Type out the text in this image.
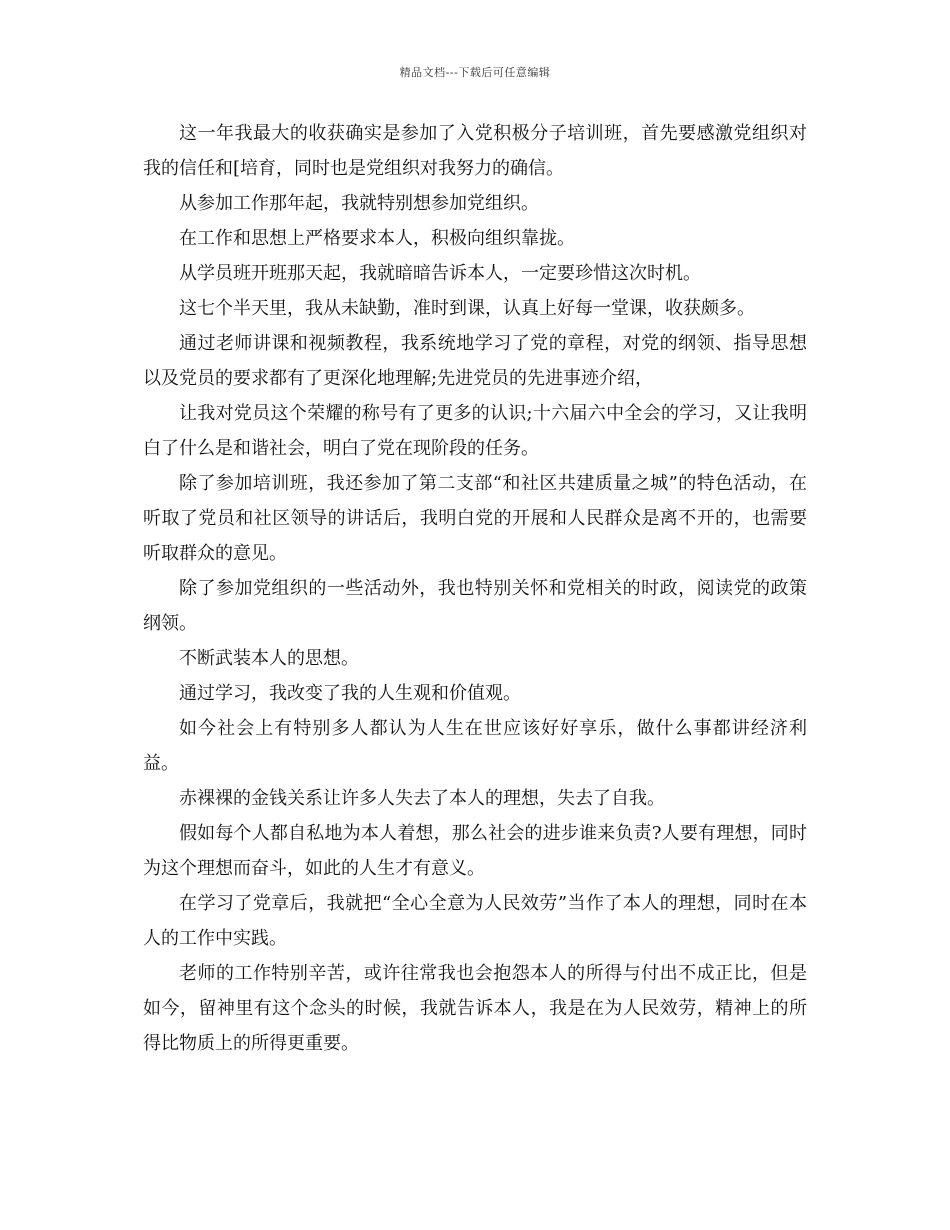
精品文档---下载后可任意编辑

这一年我最大的收获确实是参加了入党积极分子培训班，首先要感激党组织对我的信任和[培育，同时也是党组织对我努力的确信。

从参加工作那年起，我就特别想参加党组织。

在工作和思想上严格要求本人，积极向组织靠拢。

从学员班开班那天起，我就暗暗告诉本人，一定要珍惜这次时机。

这七个半天里，我从未缺勤，准时到课，认真上好每一堂课，收获颇多。

通过老师讲课和视频教程，我系统地学习了党的章程，对党的纲领、指导思想以及党员的要求都有了更深化地理解;先进党员的先进事迹介绍，

让我对党员这个荣耀的称号有了更多的认识;十六届六中全会的学习，又让我明白了什么是和谐社会，明白了党在现阶段的任务。

除了参加培训班，我还参加了第二支部“和社区共建质量之城”的特色活动，在听取了党员和社区领导的讲话后，我明白党的开展和人民群众是离不开的，也需要听取群众的意见。

除了参加党组织的一些活动外，我也特别关怀和党相关的时政，阅读党的政策纲领。

不断武装本人的思想。

通过学习，我改变了我的人生观和价值观。

如今社会上有特别多人都认为人生在世应该好好享乐，做什么事都讲经济利益。

赤裸裸的金钱关系让许多人失去了本人的理想，失去了自我。

假如每个人都自私地为本人着想，那么社会的进步谁来负责?人要有理想，同时为这个理想而奋斗，如此的人生才有意义。

在学习了党章后，我就把“全心全意为人民效劳”当作了本人的理想，同时在本人的工作中实践。

老师的工作特别辛苦，或许往常我也会抱怨本人的所得与付出不成正比，但是如今，留神里有这个念头的时候，我就告诉本人，我是在为人民效劳，精神上的所得比物质上的所得更重要。
